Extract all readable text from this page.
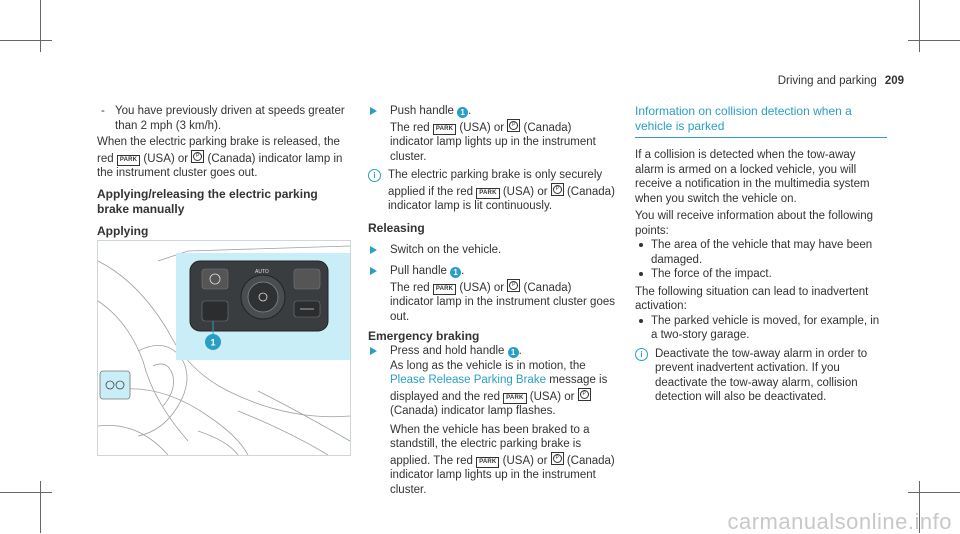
Driving and parking 209

- You have previously driven at speeds greater than 2 mph (3 km/h).

When the electric parking brake is released, the red PARK (USA) or	P (Canada) indicator lamp in the instrument cluster goes out.

Applying/releasing the electric parking brake manually

Applying

AUTO
1

Push handle 1 .
The red PARK (USA) or	P (Canada) indicator lamp lights up in the instrument cluster.

i	The electric parking brake is only securely applied if the red PARK (USA) or	P (Canada) indicator lamp is lit continuously.

Releasing

Switch on the vehicle.

Pull handle 1 .
The red PARK (USA) or	P (Canada) indicator lamp in the instrument cluster goes out.

Emergency braking

Press and hold handle 1 .
As long as the vehicle is in motion, the Please Release Parking Brake message is displayed and the red PARK (USA) or	P
(Canada) indicator lamp flashes.

When the vehicle has been braked to a standstill, the electric parking brake is applied. The red PARK (USA) or	P (Canada) indicator lamp lights up in the instrument cluster.

Information on collision detection when a vehicle is parked

If a collision is detected when the tow-away alarm is armed on a locked vehicle, you will receive a notification in the multimedia system when you switch the vehicle on.

You will receive information about the following points:

The area of the vehicle that may have been damaged.

The force of the impact.

The following situation can lead to inadvertent activation:

The parked vehicle is moved, for example, in a two-story garage.

i	Deactivate the tow-away alarm in order to prevent inadvertent activation. If you deactivate the tow-away alarm, collision detection will also be deactivated.

carmanualsonline.info
